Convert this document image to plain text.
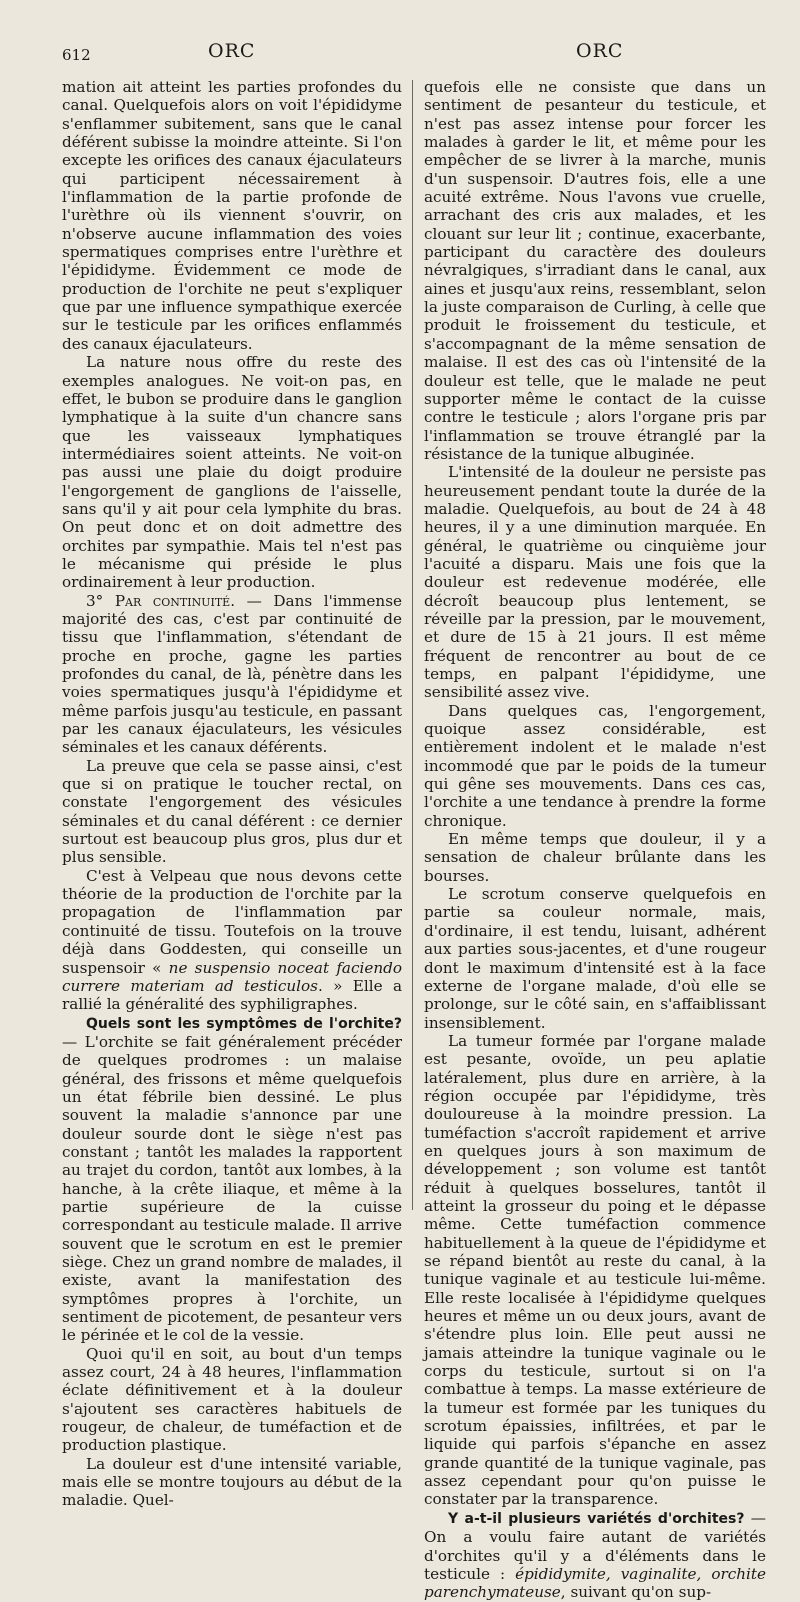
612	ORC	ORC

mation ait atteint les parties profondes du canal. Quelquefois alors on voit l'épididyme s'enflammer subitement, sans que le canal déférent subisse la moindre atteinte. Si l'on excepte les orifices des canaux éjaculateurs qui participent nécessairement à l'inflammation de la partie profonde de l'urèthre où ils viennent s'ouvrir, on n'observe aucune inflammation des voies spermatiques comprises entre l'urèthre et l'épididyme. Évidemment ce mode de production de l'orchite ne peut s'expliquer que par une influence sympathique exercée sur le testicule par les orifices enflammés des canaux éjaculateurs.

La nature nous offre du reste des exemples analogues. Ne voit-on pas, en effet, le bubon se produire dans le ganglion lymphatique à la suite d'un chancre sans que les vaisseaux lymphatiques intermédiaires soient atteints. Ne voit-on pas aussi une plaie du doigt produire l'engorgement de ganglions de l'aisselle, sans qu'il y ait pour cela lymphite du bras. On peut donc et on doit admettre des orchites par sympathie. Mais tel n'est pas le mécanisme qui préside le plus ordinairement à leur production.

3° Par continuité. — Dans l'immense majorité des cas, c'est par continuité de tissu que l'inflammation, s'étendant de proche en proche, gagne les parties profondes du canal, de là, pénètre dans les voies spermatiques jusqu'à l'épididyme et même parfois jusqu'au testicule, en passant par les canaux éjaculateurs, les vésicules séminales et les canaux déférents.

La preuve que cela se passe ainsi, c'est que si on pratique le toucher rectal, on constate l'engorgement des vésicules séminales et du canal déférent : ce dernier surtout est beaucoup plus gros, plus dur et plus sensible.

C'est à Velpeau que nous devons cette théorie de la production de l'orchite par la propagation de l'inflammation par continuité de tissu. Toutefois on la trouve déjà dans Goddesten, qui conseille un suspensoir « ne suspensio noceat faciendo currere materiam ad testiculos. » Elle a rallié la généralité des syphiligraphes.

Quels sont les symptômes de l'orchite? — L'orchite se fait généralement précéder de quelques prodromes : un malaise général, des frissons et même quelquefois un état fébrile bien dessiné. Le plus souvent la maladie s'annonce par une douleur sourde dont le siège n'est pas constant ; tantôt les malades la rapportent au trajet du cordon, tantôt aux lombes, à la hanche, à la crête iliaque, et même à la partie supérieure de la cuisse correspondant au testicule malade. Il arrive souvent que le scrotum en est le premier siège. Chez un grand nombre de malades, il existe, avant la manifestation des symptômes propres à l'orchite, un sentiment de picotement, de pesanteur vers le périnée et le col de la vessie.

Quoi qu'il en soit, au bout d'un temps assez court, 24 à 48 heures, l'inflammation éclate définitivement et à la douleur s'ajoutent ses caractères habituels de rougeur, de chaleur, de tuméfaction et de production plastique.

La douleur est d'une intensité variable, mais elle se montre toujours au début de la maladie. Quel-

quefois elle ne consiste que dans un sentiment de pesanteur du testicule, et n'est pas assez intense pour forcer les malades à garder le lit, et même pour les empêcher de se livrer à la marche, munis d'un suspensoir. D'autres fois, elle a une acuité extrême. Nous l'avons vue cruelle, arrachant des cris aux malades, et les clouant sur leur lit ; continue, exacerbante, participant du caractère des douleurs névralgiques, s'irradiant dans le canal, aux aines et jusqu'aux reins, ressemblant, selon la juste comparaison de Curling, à celle que produit le froissement du testicule, et s'accompagnant de la même sensation de malaise. Il est des cas où l'intensité de la douleur est telle, que le malade ne peut supporter même le contact de la cuisse contre le testicule ; alors l'organe pris par l'inflammation se trouve étranglé par la résistance de la tunique albuginée.

L'intensité de la douleur ne persiste pas heureusement pendant toute la durée de la maladie. Quelquefois, au bout de 24 à 48 heures, il y a une diminution marquée. En général, le quatrième ou cinquième jour l'acuité a disparu. Mais une fois que la douleur est redevenue modérée, elle décroît beaucoup plus lentement, se réveille par la pression, par le mouvement, et dure de 15 à 21 jours. Il est même fréquent de rencontrer au bout de ce temps, en palpant l'épididyme, une sensibilité assez vive.

Dans quelques cas, l'engorgement, quoique assez considérable, est entièrement indolent et le malade n'est incommodé que par le poids de la tumeur qui gêne ses mouvements. Dans ces cas, l'orchite a une tendance à prendre la forme chronique.

En même temps que douleur, il y a sensation de chaleur brûlante dans les bourses.

Le scrotum conserve quelquefois en partie sa couleur normale, mais, d'ordinaire, il est tendu, luisant, adhérent aux parties sous-jacentes, et d'une rougeur dont le maximum d'intensité est à la face externe de l'organe malade, d'où elle se prolonge, sur le côté sain, en s'affaiblissant insensiblement.

La tumeur formée par l'organe malade est pesante, ovoïde, un peu aplatie latéralement, plus dure en arrière, à la région occupée par l'épididyme, très douloureuse à la moindre pression. La tuméfaction s'accroît rapidement et arrive en quelques jours à son maximum de développement ; son volume est tantôt réduit à quelques bosselures, tantôt il atteint la grosseur du poing et le dépasse même. Cette tuméfaction commence habituellement à la queue de l'épididyme et se répand bientôt au reste du canal, à la tunique vaginale et au testicule lui-même. Elle reste localisée à l'épididyme quelques heures et même un ou deux jours, avant de s'étendre plus loin. Elle peut aussi ne jamais atteindre la tunique vaginale ou le corps du testicule, surtout si on l'a combattue à temps. La masse extérieure de la tumeur est formée par les tuniques du scrotum épaissies, infiltrées, et par le liquide qui parfois s'épanche en assez grande quantité de la tunique vaginale, pas assez cependant pour qu'on puisse le constater par la transparence.

Y a-t-il plusieurs variétés d'orchites? — On a voulu faire autant de variétés d'orchites qu'il y a d'éléments dans le testicule : épididymite, vaginalite, orchite parenchymateuse, suivant qu'on sup-
